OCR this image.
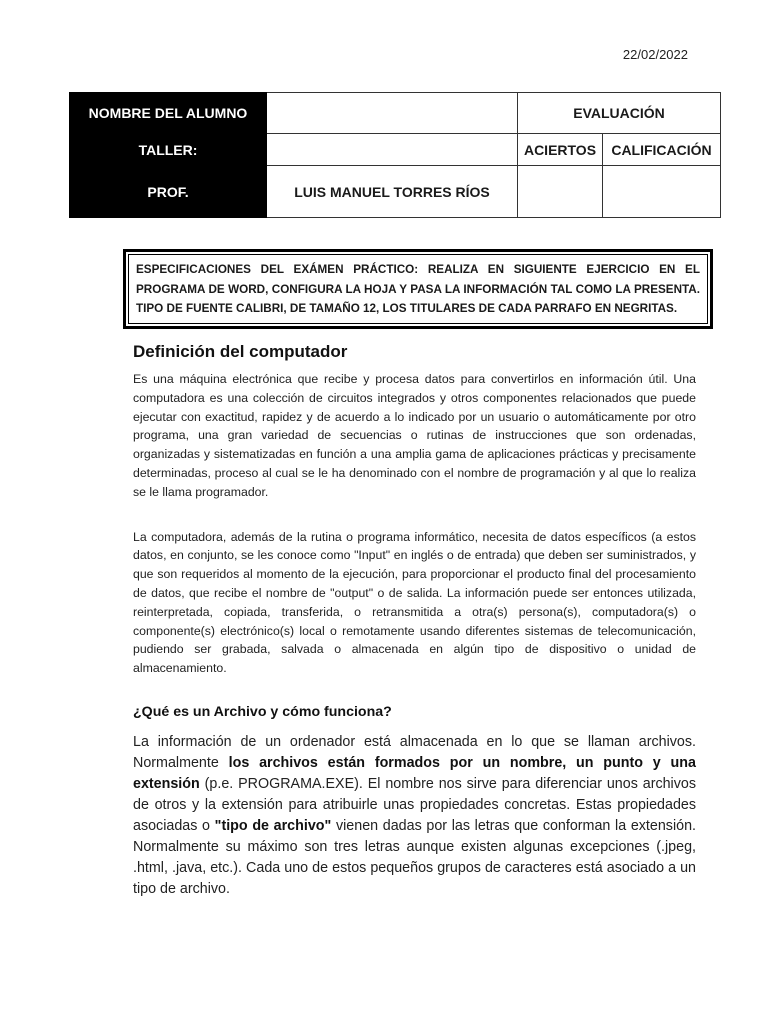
22/02/2022
NOMBRE DEL ALUMNO		EVALUACIÓN	
TALLER:		ACIERTOS	CALIFICACIÓN
PROF.	LUIS MANUEL TORRES RÍOS		
ESPECIFICACIONES DEL EXÁMEN PRÁCTICO: REALIZA EN SIGUIENTE EJERCICIO EN EL PROGRAMA DE WORD, CONFIGURA LA HOJA Y PASA LA INFORMACIÓN TAL COMO LA PRESENTA. TIPO DE FUENTE CALIBRI, DE TAMAÑO 12, LOS TITULARES DE CADA PARRAFO EN NEGRITAS.
Definición del computador

Es una máquina electrónica que recibe y procesa datos para convertirlos en información útil. Una computadora es una colección de circuitos integrados y otros componentes relacionados que puede ejecutar con exactitud, rapidez y de acuerdo a lo indicado por un usuario o automáticamente por otro programa, una gran variedad de secuencias o rutinas de instrucciones que son ordenadas, organizadas y sistematizadas en función a una amplia gama de aplicaciones prácticas y precisamente determinadas, proceso al cual se le ha denominado con el nombre de programación y al que lo realiza se le llama programador.

La computadora, además de la rutina o programa informático, necesita de datos específicos (a estos datos, en conjunto, se les conoce como "Input" en inglés o de entrada) que deben ser suministrados, y que son requeridos al momento de la ejecución, para proporcionar el producto final del procesamiento de datos, que recibe el nombre de "output" o de salida. La información puede ser entonces utilizada, reinterpretada, copiada, transferida, o retransmitida a otra(s) persona(s), computadora(s) o componente(s) electrónico(s) local o remotamente usando diferentes sistemas de telecomunicación, pudiendo ser grabada, salvada o almacenada en algún tipo de dispositivo o unidad de almacenamiento.

¿Qué es un Archivo y cómo funciona?

La información de un ordenador está almacenada en lo que se llaman archivos. Normalmente los archivos están formados por un nombre, un punto y una extensión (p.e. PROGRAMA.EXE). El nombre nos sirve para diferenciar unos archivos de otros y la extensión para atribuirle unas propiedades concretas. Estas propiedades asociadas o "tipo de archivo" vienen dadas por las letras que conforman la extensión. Normalmente su máximo son tres letras aunque existen algunas excepciones (.jpeg, .html, .java, etc.). Cada uno de estos pequeños grupos de caracteres está asociado a un tipo de archivo.
